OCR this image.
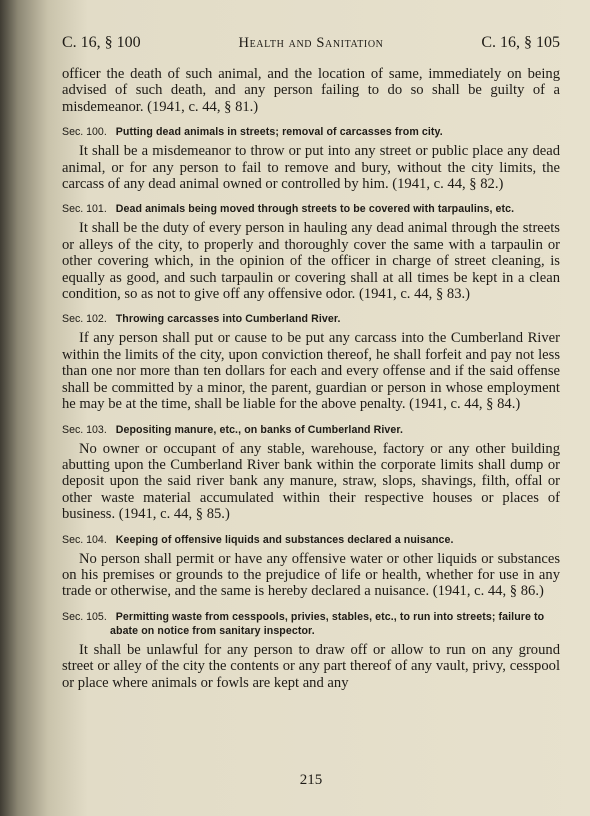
C. 16, § 100	Health and Sanitation	C. 16, § 105

officer the death of such animal, and the location of same, immediately on being advised of such death, and any person failing to do so shall be guilty of a misdemeanor. (1941, c. 44, § 81.)

Sec. 100. Putting dead animals in streets; removal of carcasses from city.

It shall be a misdemeanor to throw or put into any street or public place any dead animal, or for any person to fail to remove and bury, without the city limits, the carcass of any dead animal owned or controlled by him. (1941, c. 44, § 82.)

Sec. 101. Dead animals being moved through streets to be covered with tarpaulins, etc.

It shall be the duty of every person in hauling any dead animal through the streets or alleys of the city, to properly and thoroughly cover the same with a tarpaulin or other covering which, in the opinion of the officer in charge of street cleaning, is equally as good, and such tarpaulin or covering shall at all times be kept in a clean condition, so as not to give off any offensive odor. (1941, c. 44, § 83.)

Sec. 102. Throwing carcasses into Cumberland River.

If any person shall put or cause to be put any carcass into the Cumberland River within the limits of the city, upon conviction thereof, he shall forfeit and pay not less than one nor more than ten dollars for each and every offense and if the said offense shall be committed by a minor, the parent, guardian or person in whose employment he may be at the time, shall be liable for the above penalty. (1941, c. 44, § 84.)

Sec. 103. Depositing manure, etc., on banks of Cumberland River.

No owner or occupant of any stable, warehouse, factory or any other building abutting upon the Cumberland River bank within the corporate limits shall dump or deposit upon the said river bank any manure, straw, slops, shavings, filth, offal or other waste material accumulated within their respective houses or places of business. (1941, c. 44, § 85.)

Sec. 104. Keeping of offensive liquids and substances declared a nuisance.

No person shall permit or have any offensive water or other liquids or substances on his premises or grounds to the prejudice of life or health, whether for use in any trade or otherwise, and the same is hereby declared a nuisance. (1941, c. 44, § 86.)

Sec. 105. Permitting waste from cesspools, privies, stables, etc., to run into streets; failure to abate on notice from sanitary inspector.

It shall be unlawful for any person to draw off or allow to run on any ground street or alley of the city the contents or any part thereof of any vault, privy, cesspool or place where animals or fowls are kept and any

215
